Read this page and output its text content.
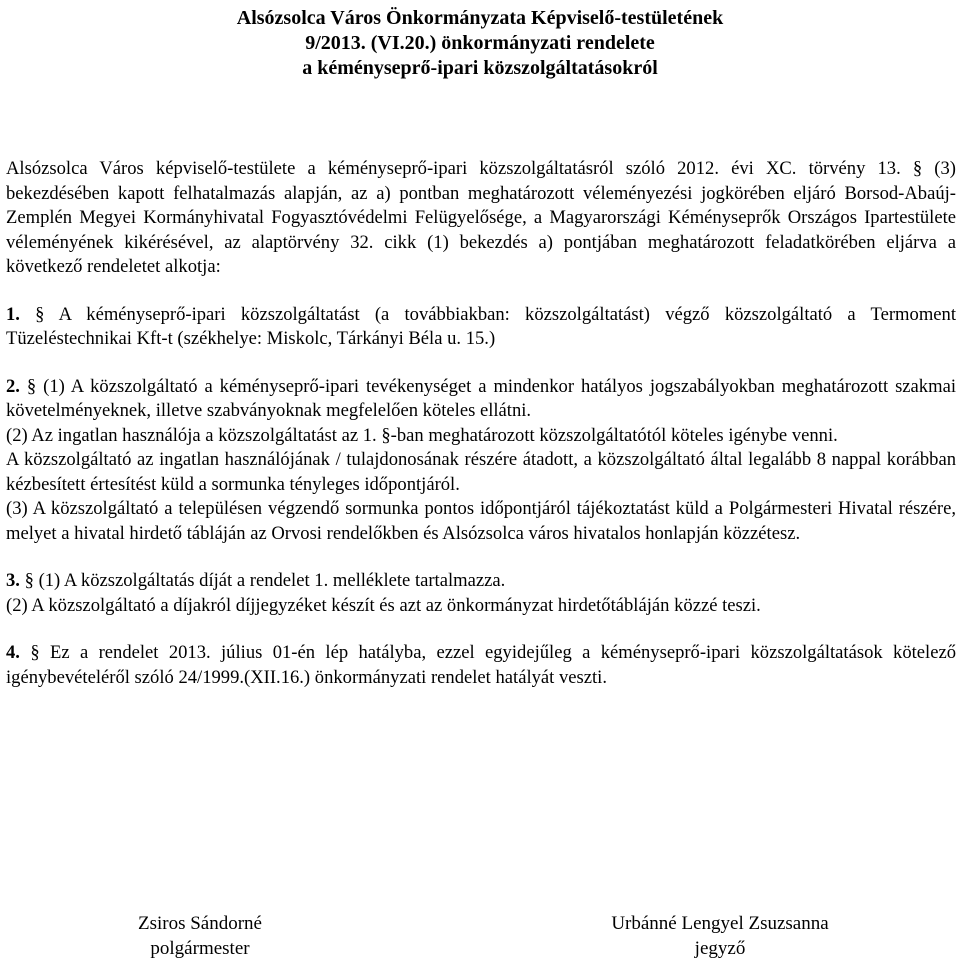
Alsózsolca Város Önkormányzata Képviselő-testületének
9/2013. (VI.20.) önkormányzati rendelete
a kéményseprő-ipari közszolgáltatásokról

Alsózsolca Város képviselő-testülete a kéményseprő-ipari közszolgáltatásról szóló 2012. évi XC. törvény 13. § (3) bekezdésében kapott felhatalmazás alapján, az a) pontban meghatározott véleményezési jogkörében eljáró Borsod-Abaúj-Zemplén Megyei Kormányhivatal Fogyasztóvédelmi Felügyelősége, a Magyarországi Kéményseprők Országos Ipartestülete véleményének kikérésével, az alaptörvény 32. cikk (1) bekezdés a) pontjában meghatározott feladatkörében eljárva a következő rendeletet alkotja:

1. § A kéményseprő-ipari közszolgáltatást (a továbbiakban: közszolgáltatást) végző közszolgáltató a Termoment Tüzeléstechnikai Kft-t (székhelye: Miskolc, Tárkányi Béla u. 15.)

2. § (1) A közszolgáltató a kéményseprő-ipari tevékenységet a mindenkor hatályos jogszabályokban meghatározott szakmai követelményeknek, illetve szabványoknak megfelelően köteles ellátni.

(2) Az ingatlan használója a közszolgáltatást az 1. §-ban meghatározott közszolgáltatótól köteles igénybe venni.

A közszolgáltató az ingatlan használójának / tulajdonosának részére átadott, a közszolgáltató által legalább 8 nappal korábban kézbesített értesítést küld a sormunka tényleges időpontjáról.

(3) A közszolgáltató a településen végzendő sormunka pontos időpontjáról tájékoztatást küld a Polgármesteri Hivatal részére, melyet a hivatal hirdető tábláján az Orvosi rendelőkben és Alsózsolca város hivatalos honlapján közzétesz.

3. § (1) A közszolgáltatás díját a rendelet 1. melléklete tartalmazza.

(2) A közszolgáltató a díjakról díjjegyzéket készít és azt az önkormányzat hirdetőtábláján közzé teszi.

4. § Ez a rendelet 2013. július 01-én lép hatályba, ezzel egyidejűleg a kéményseprő-ipari közszolgáltatások kötelező igénybevételéről szóló 24/1999.(XII.16.) önkormányzati rendelet hatályát veszti.

Zsiros Sándorné
polgármester
Urbánné Lengyel Zsuzsanna
jegyző
